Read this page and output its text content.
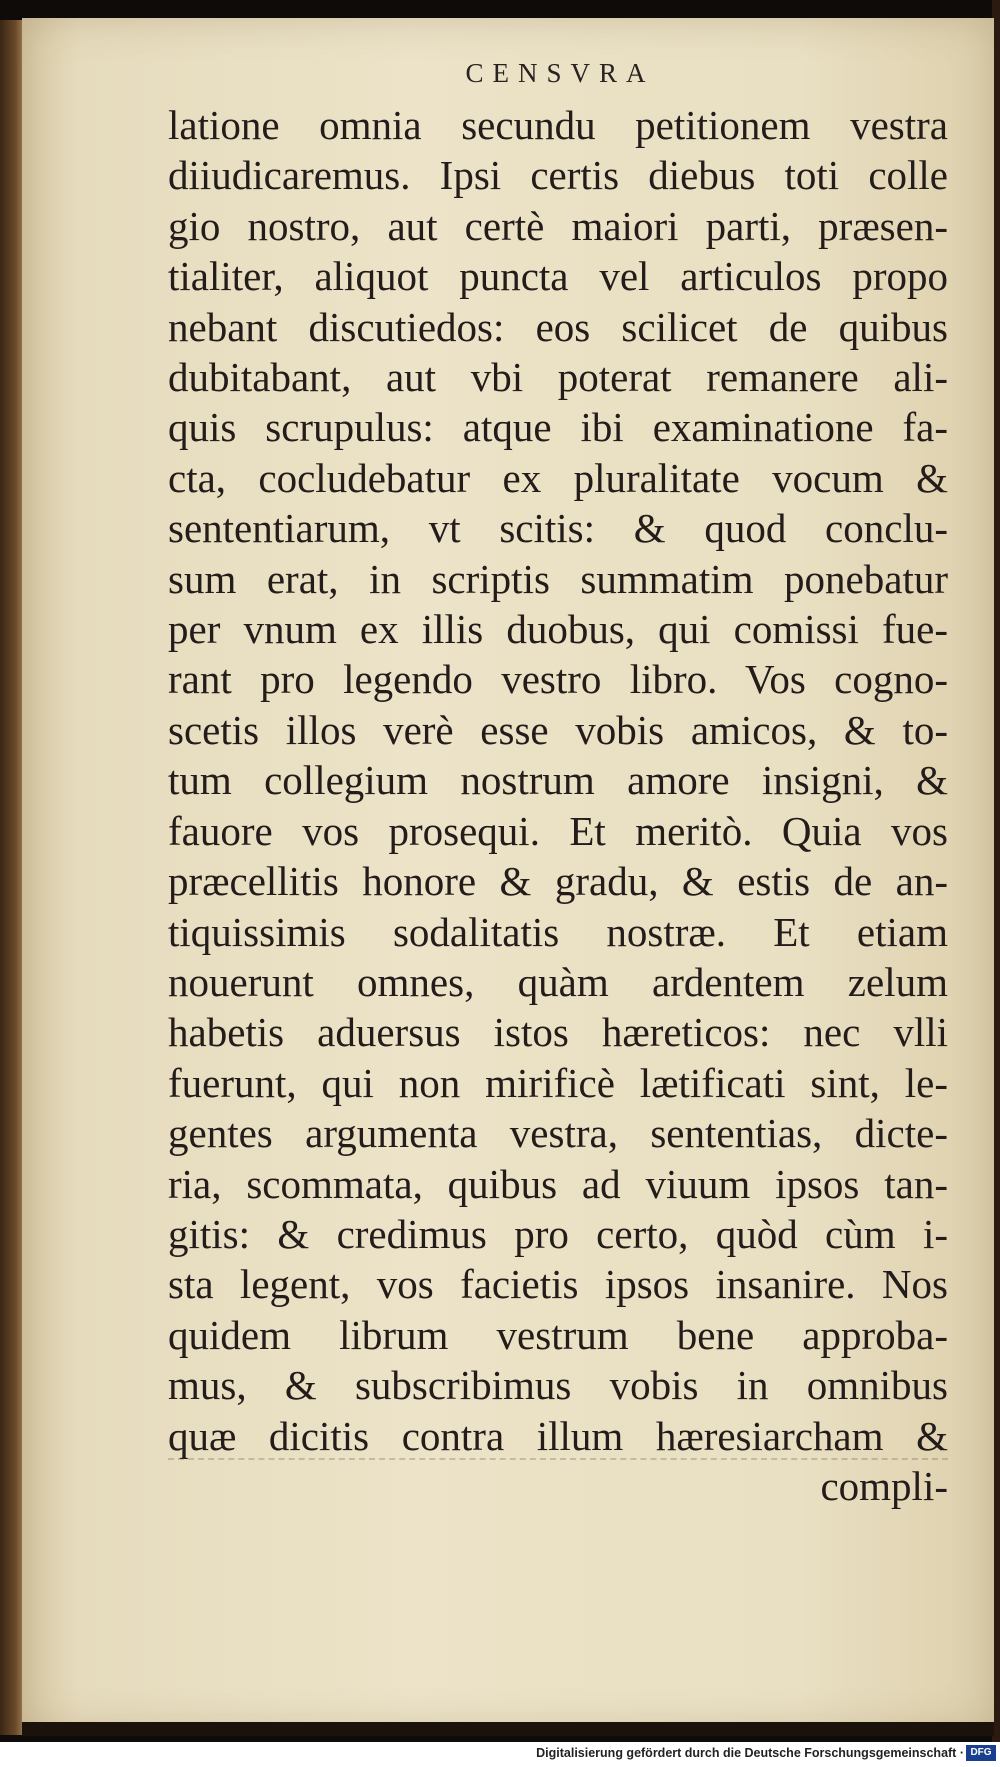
CENSVRA
latione omnia secundu petitionem vestra
diiudicaremus. Ipsi certis diebus toti colle
gio nostro, aut certè maiori parti, præsen-
tialiter, aliquot puncta vel articulos propo
nebant discutiedos: eos scilicet de quibus
dubitabant, aut vbi poterat remanere ali-
quis scrupulus: atque ibi examinatione fa-
cta, cocludebatur ex pluralitate vocum &
sententiarum, vt scitis: & quod conclu-
sum erat, in scriptis summatim ponebatur
per vnum ex illis duobus, qui comissi fue-
rant pro legendo vestro libro. Vos cogno-
scetis illos verè esse vobis amicos, & to-
tum collegium nostrum amore insigni, &
fauore vos prosequi. Et meritò. Quia vos
præcellitis honore & gradu, & estis de an-
tiquissimis sodalitatis nostræ. Et etiam
nouerunt omnes, quàm ardentem zelum
habetis aduersus istos hæreticos: nec vlli
fuerunt, qui non mirificè lætificati sint, le-
gentes argumenta vestra, sententias, dicte-
ria, scommata, quibus ad viuum ipsos tan-
gitis: & credimus pro certo, quòd cùm i-
sta legent, vos facietis ipsos insanire. Nos
quidem librum vestrum bene approba-
mus, & subscribimus vobis in omnibus
quæ dicitis contra illum hæresiarcham &
compli-
Digitalisierung gefördert durch die Deutsche Forschungsgemeinschaft · DFG
